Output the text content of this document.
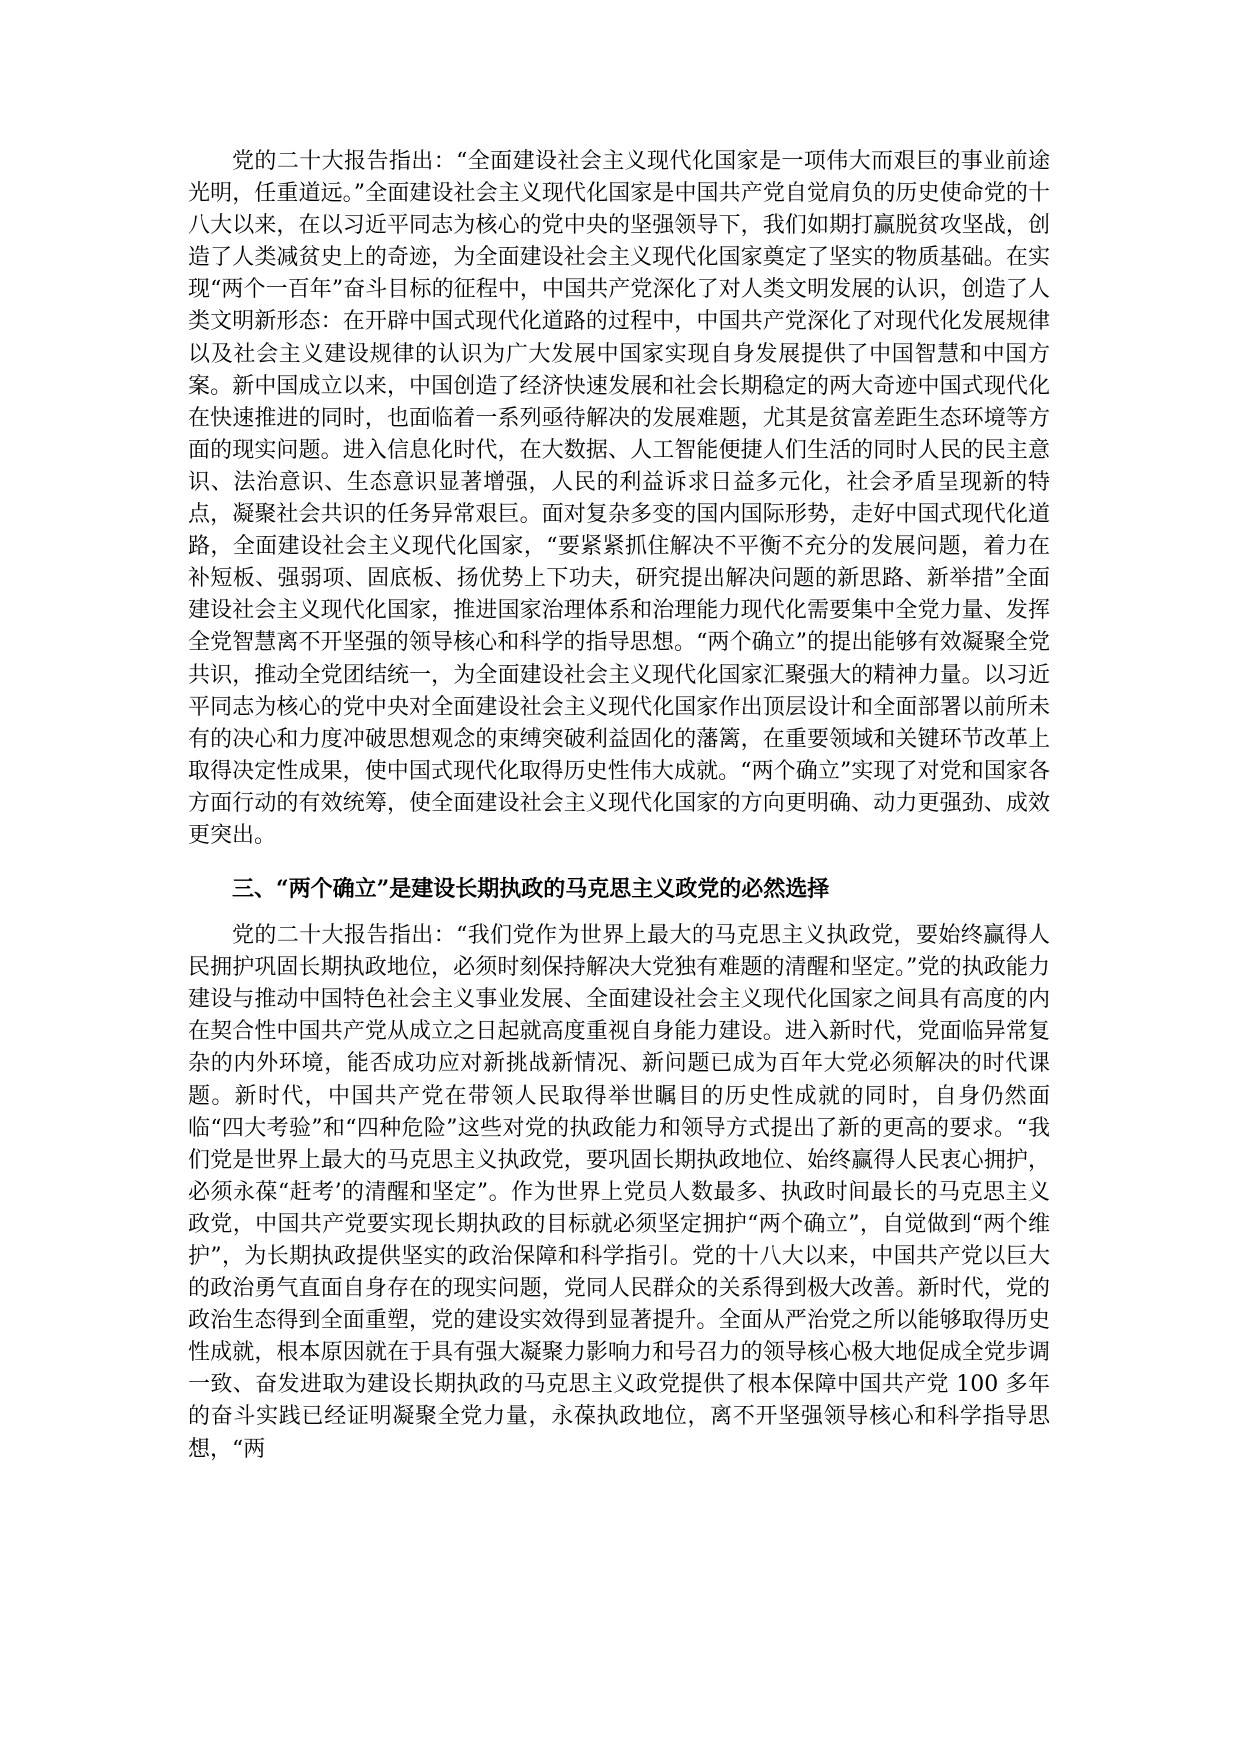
党的二十大报告指出：“全面建设社会主义现代化国家是一项伟大而艰巨的事业前途光明，任重道远。”全面建设社会主义现代化国家是中国共产党自觉肩负的历史使命党的十八大以来，在以习近平同志为核心的党中央的坚强领导下，我们如期打赢脱贫攻坚战，创造了人类减贫史上的奇迹，为全面建设社会主义现代化国家奠定了坚实的物质基础。在实现“两个一百年”奋斗目标的征程中，中国共产党深化了对人类文明发展的认识，创造了人类文明新形态：在开辟中国式现代化道路的过程中，中国共产党深化了对现代化发展规律以及社会主义建设规律的认识为广大发展中国家实现自身发展提供了中国智慧和中国方案。新中国成立以来，中国创造了经济快速发展和社会长期稳定的两大奇迹中国式现代化在快速推进的同时，也面临着一系列亟待解决的发展难题，尤其是贫富差距生态环境等方面的现实问题。进入信息化时代，在大数据、人工智能便捷人们生活的同时人民的民主意识、法治意识、生态意识显著增强，人民的利益诉求日益多元化，社会矛盾呈现新的特点，凝聚社会共识的任务异常艰巨。面对复杂多变的国内国际形势，走好中国式现代化道路，全面建设社会主义现代化国家，“要紧紧抓住解决不平衡不充分的发展问题，着力在补短板、强弱项、固底板、扬优势上下功夫，研究提出解决问题的新思路、新举措”全面建设社会主义现代化国家，推进国家治理体系和治理能力现代化需要集中全党力量、发挥全党智慧离不开坚强的领导核心和科学的指导思想。“两个确立”的提出能够有效凝聚全党共识，推动全党团结统一，为全面建设社会主义现代化国家汇聚强大的精神力量。以习近平同志为核心的党中央对全面建设社会主义现代化国家作出顶层设计和全面部署以前所未有的决心和力度冲破思想观念的束缚突破利益固化的藩篱，在重要领域和关键环节改革上取得决定性成果，使中国式现代化取得历史性伟大成就。“两个确立”实现了对党和国家各方面行动的有效统筹，使全面建设社会主义现代化国家的方向更明确、动力更强劲、成效更突出。

三、“两个确立”是建设长期执政的马克思主义政党的必然选择

党的二十大报告指出：“我们党作为世界上最大的马克思主义执政党，要始终赢得人民拥护巩固长期执政地位，必须时刻保持解决大党独有难题的清醒和坚定。”党的执政能力建设与推动中国特色社会主义事业发展、全面建设社会主义现代化国家之间具有高度的内在契合性中国共产党从成立之日起就高度重视自身能力建设。进入新时代，党面临异常复杂的内外环境，能否成功应对新挑战新情况、新问题已成为百年大党必须解决的时代课题。新时代，中国共产党在带领人民取得举世瞩目的历史性成就的同时，自身仍然面临“四大考验”和“四种危险”这些对党的执政能力和领导方式提出了新的更高的要求。“我们党是世界上最大的马克思主义执政党，要巩固长期执政地位、始终赢得人民衷心拥护，必须永葆“赶考’的清醒和坚定”。作为世界上党员人数最多、执政时间最长的马克思主义政党，中国共产党要实现长期执政的目标就必须坚定拥护“两个确立”，自觉做到“两个维护”，为长期执政提供坚实的政治保障和科学指引。党的十八大以来，中国共产党以巨大的政治勇气直面自身存在的现实问题，党同人民群众的关系得到极大改善。新时代，党的政治生态得到全面重塑，党的建设实效得到显著提升。全面从严治党之所以能够取得历史性成就，根本原因就在于具有强大凝聚力影响力和号召力的领导核心极大地促成全党步调一致、奋发进取为建设长期执政的马克思主义政党提供了根本保障中国共产党 100 多年的奋斗实践已经证明凝聚全党力量，永葆执政地位，离不开坚强领导核心和科学指导思想，“两
